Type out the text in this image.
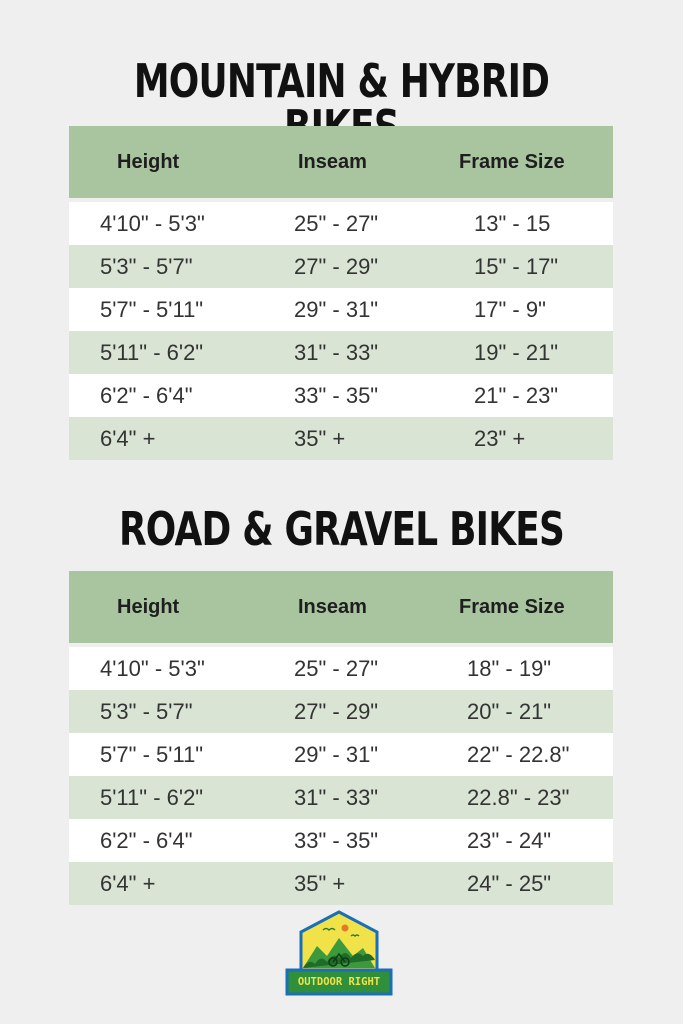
MOUNTAIN & HYBRID
Height	Inseam	Frame Size
4'10" - 5'3"	25" - 27"	13" - 15
5'3" - 5'7"	27" - 29"	15" - 17"
5'7" - 5'11"	29" - 31"	17" - 9"
5'11" - 6'2"	31" - 33"	19" - 21"
6'2" - 6'4"	33" - 35"	21" - 23"
6'4" +	35" +	23" +
ROAD & GRAVEL BIKES
Height	Inseam	Frame Size
4'10" - 5'3"	25" - 27"	18" - 19"
5'3" - 5'7"	27" - 29"	20" - 21"
5'7" - 5'11"	29" - 31"	22" - 22.8"
5'11" - 6'2"	31" - 33"	22.8" - 23"
6'2" - 6'4"	33" - 35"	23" - 24"
6'4" +	35" +	24" - 25"
OUTDOOR RIGHT
